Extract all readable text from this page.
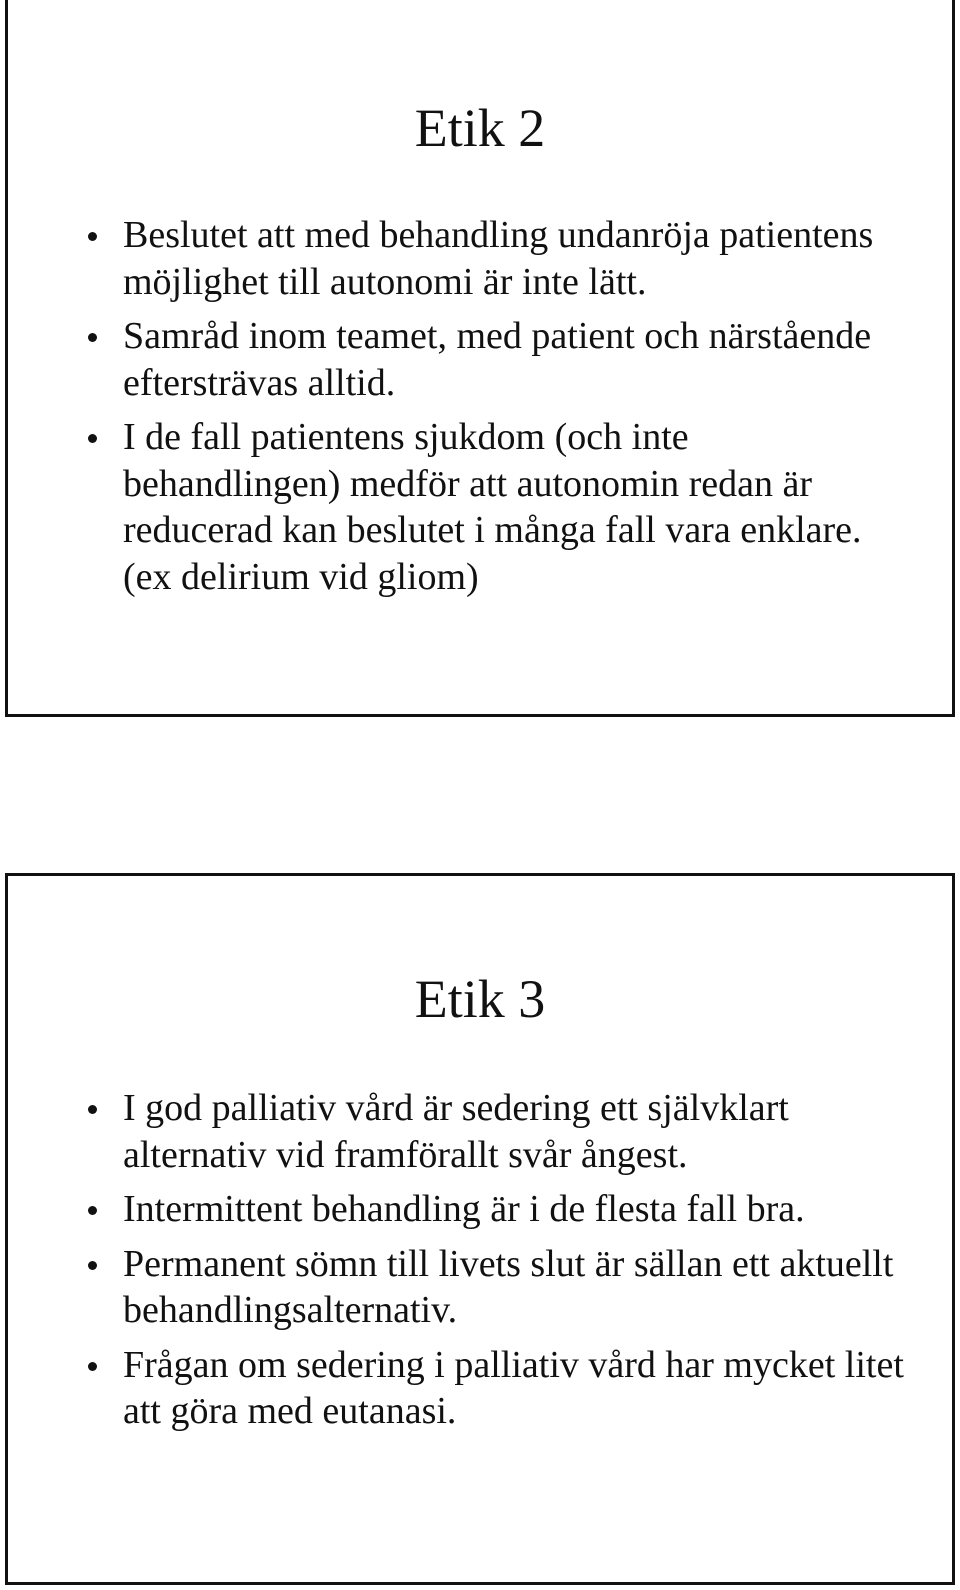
Etik 2
Beslutet att med behandling undanröja patientens möjlighet till autonomi är inte lätt.
Samråd inom teamet, med patient och närstående eftersträvas alltid.
I de fall patientens sjukdom (och inte behandlingen) medför att autonomin redan är reducerad kan beslutet i många fall vara enklare. (ex delirium vid gliom)
Etik 3
I god palliativ vård är sedering ett självklart alternativ vid framförallt svår ångest.
Intermittent behandling är i de flesta fall bra.
Permanent sömn till livets slut är sällan ett aktuellt behandlingsalternativ.
Frågan om sedering i palliativ vård har mycket litet att göra med eutanasi.
